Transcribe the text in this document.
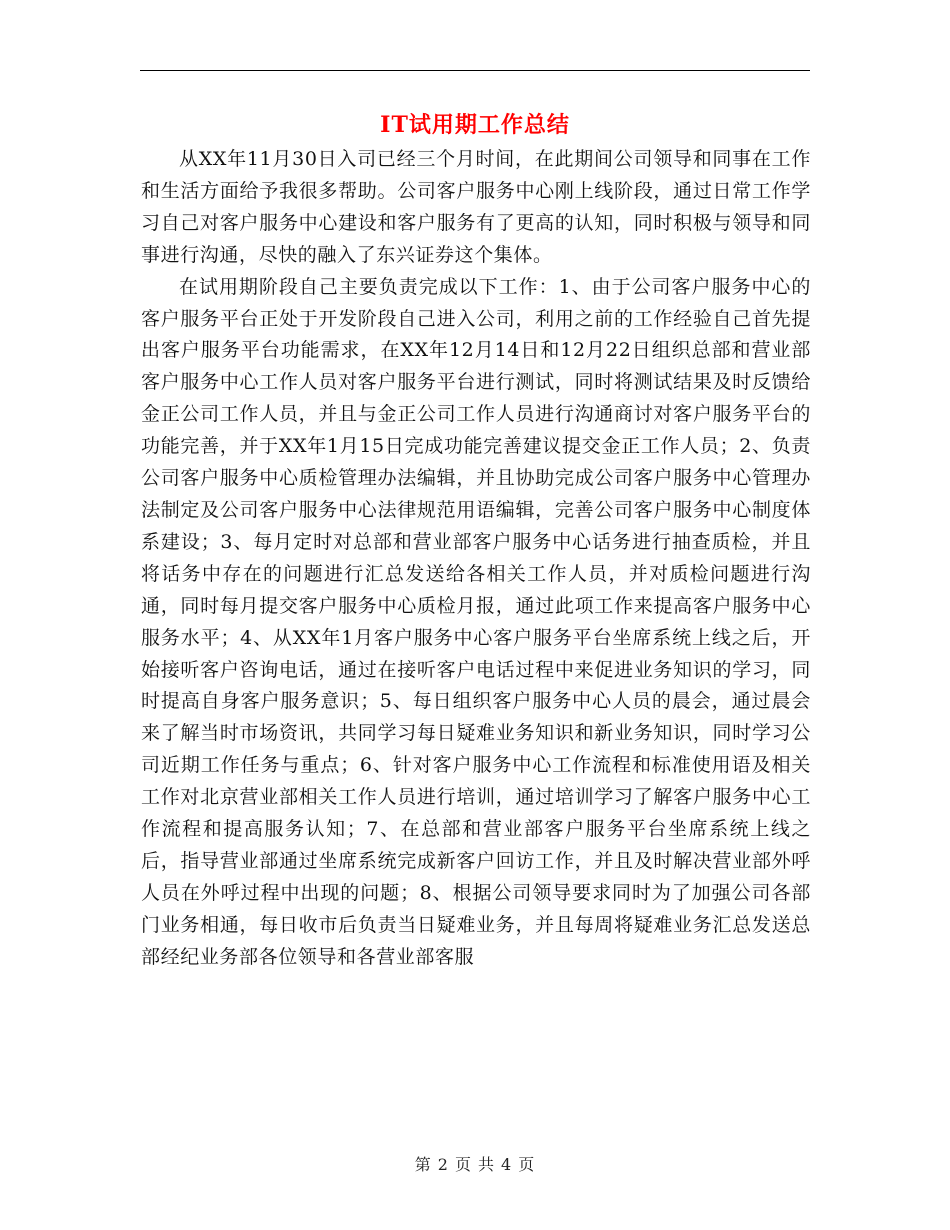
IT试用期工作总结

从XX年11月30日入司已经三个月时间，在此期间公司领导和同事在工作和生活方面给予我很多帮助。公司客户服务中心刚上线阶段，通过日常工作学习自己对客户服务中心建设和客户服务有了更高的认知，同时积极与领导和同事进行沟通，尽快的融入了东兴证券这个集体。

在试用期阶段自己主要负责完成以下工作：1、由于公司客户服务中心的客户服务平台正处于开发阶段自己进入公司，利用之前的工作经验自己首先提出客户服务平台功能需求，在XX年12月14日和12月22日组织总部和营业部客户服务中心工作人员对客户服务平台进行测试，同时将测试结果及时反馈给金正公司工作人员，并且与金正公司工作人员进行沟通商讨对客户服务平台的功能完善，并于XX年1月15日完成功能完善建议提交金正工作人员；2、负责公司客户服务中心质检管理办法编辑，并且协助完成公司客户服务中心管理办法制定及公司客户服务中心法律规范用语编辑，完善公司客户服务中心制度体系建设；3、每月定时对总部和营业部客户服务中心话务进行抽查质检，并且将话务中存在的问题进行汇总发送给各相关工作人员，并对质检问题进行沟通，同时每月提交客户服务中心质检月报，通过此项工作来提高客户服务中心服务水平；4、从XX年1月客户服务中心客户服务平台坐席系统上线之后，开始接听客户咨询电话，通过在接听客户电话过程中来促进业务知识的学习，同时提高自身客户服务意识；5、每日组织客户服务中心人员的晨会，通过晨会来了解当时市场资讯，共同学习每日疑难业务知识和新业务知识，同时学习公司近期工作任务与重点；6、针对客户服务中心工作流程和标准使用语及相关工作对北京营业部相关工作人员进行培训，通过培训学习了解客户服务中心工作流程和提高服务认知；7、在总部和营业部客户服务平台坐席系统上线之后，指导营业部通过坐席系统完成新客户回访工作，并且及时解决营业部外呼人员在外呼过程中出现的问题；8、根据公司领导要求同时为了加强公司各部门业务相通，每日收市后负责当日疑难业务，并且每周将疑难业务汇总发送总部经纪业务部各位领导和各营业部客服

第 2 页 共 4 页
